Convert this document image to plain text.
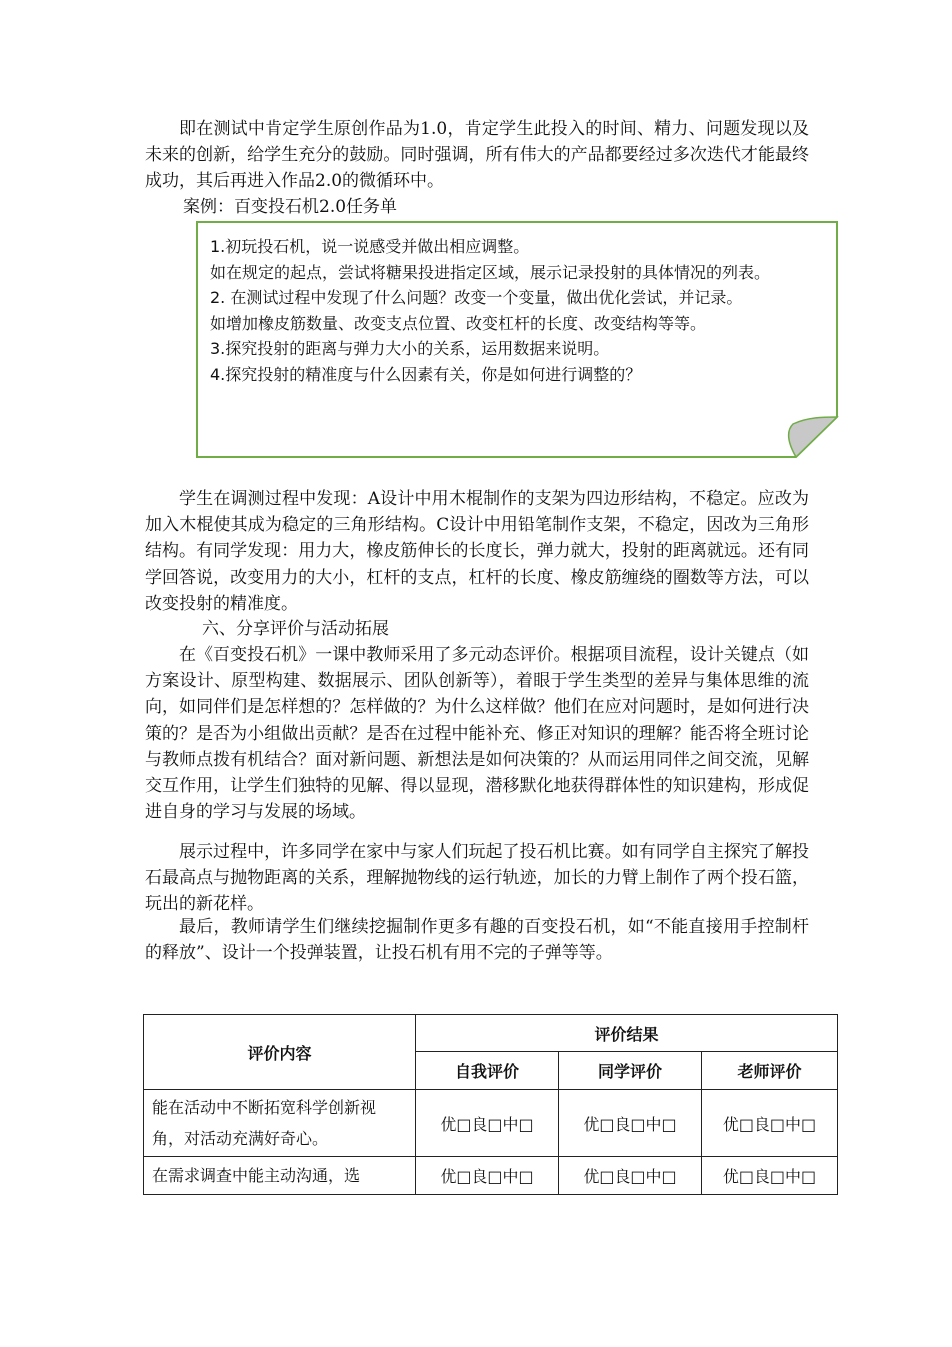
即在测试中肯定学生原创作品为1.0，肯定学生此投入的时间、精力、问题发现以及未来的创新，给学生充分的鼓励。同时强调，所有伟大的产品都要经过多次迭代才能最终成功，其后再进入作品2.0的微循环中。

案例：百变投石机2.0任务单
1.初玩投石机，说一说感受并做出相应调整。
如在规定的起点，尝试将糖果投进指定区域，展示记录投射的具体情况的列表。
2. 在测试过程中发现了什么问题？改变一个变量，做出优化尝试，并记录。
如增加橡皮筋数量、改变支点位置、改变杠杆的长度、改变结构等等。
3.探究投射的距离与弹力大小的关系，运用数据来说明。
4.探究投射的精准度与什么因素有关，你是如何进行调整的？

学生在调测过程中发现：A设计中用木棍制作的支架为四边形结构，不稳定。应改为加入木棍使其成为稳定的三角形结构。C设计中用铅笔制作支架，不稳定，因改为三角形结构。有同学发现：用力大，橡皮筋伸长的长度长，弹力就大，投射的距离就远。还有同学回答说，改变用力的大小，杠杆的支点，杠杆的长度、橡皮筋缠绕的圈数等方法，可以改变投射的精准度。

六、分享评价与活动拓展

在《百变投石机》一课中教师采用了多元动态评价。根据项目流程，设计关键点（如方案设计、原型构建、数据展示、团队创新等），着眼于学生类型的差异与集体思维的流向，如同伴们是怎样想的？怎样做的？为什么这样做？他们在应对问题时，是如何进行决策的？是否为小组做出贡献？是否在过程中能补充、修正对知识的理解？能否将全班讨论与教师点拨有机结合？面对新问题、新想法是如何决策的？从而运用同伴之间交流，见解交互作用，让学生们独特的见解、得以显现，潜移默化地获得群体性的知识建构，形成促进自身的学习与发展的场域。

展示过程中，许多同学在家中与家人们玩起了投石机比赛。如有同学自主探究了解投石最高点与抛物距离的关系，理解抛物线的运行轨迹，加长的力臂上制作了两个投石篮，玩出的新花样。

最后，教师请学生们继续挖掘制作更多有趣的百变投石机，如“不能直接用手控制杆的释放”、设计一个投弹装置，让投石机有用不完的子弹等等。

评价内容	评价结果		
	自我评价	同学评价	老师评价
能在活动中不断拓宽科学创新视角，对活动充满好奇心。	优□良□中□	优□良□中□	优□良□中□
在需求调查中能主动沟通，选	优□良□中□	优□良□中□	优□良□中□
